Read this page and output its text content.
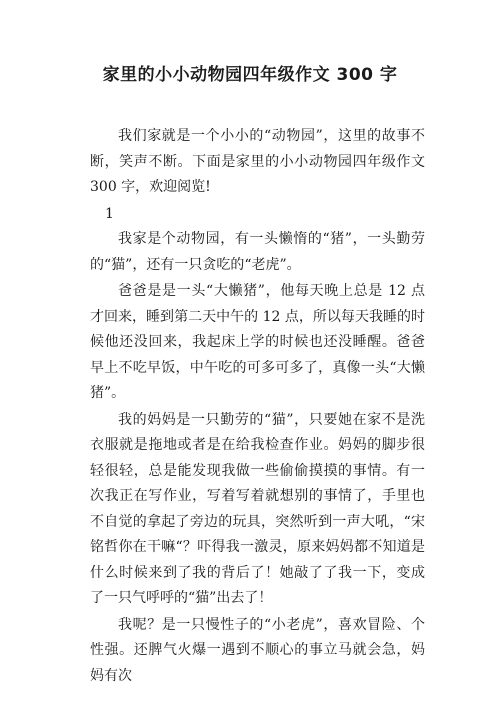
家里的小小动物园四年级作文 300 字

我们家就是一个小小的“动物园”，这里的故事不断，笑声不断。下面是家里的小小动物园四年级作文 300 字，欢迎阅览!

1

我家是个动物园，有一头懒惰的“猪”，一头勤劳的“猫”，还有一只贪吃的“老虎”。

爸爸是是一头“大懒猪”，他每天晚上总是 12 点才回来，睡到第二天中午的 12 点，所以每天我睡的时候他还没回来，我起床上学的时候也还没睡醒。爸爸早上不吃早饭，中午吃的可多可多了，真像一头“大懒猪”。

我的妈妈是一只勤劳的“猫”，只要她在家不是洗衣服就是拖地或者是在给我检查作业。妈妈的脚步很轻很轻，总是能发现我做一些偷偷摸摸的事情。有一次我正在写作业，写着写着就想别的事情了，手里也不自觉的拿起了旁边的玩具，突然听到一声大吼，“宋铭哲你在干嘛“？吓得我一激灵，原来妈妈都不知道是什么时候来到了我的背后了！她敲了了我一下，变成了一只气呼呼的“猫”出去了！

我呢？是一只慢性子的“小老虎”，喜欢冒险、个性强。还脾气火爆一遇到不顺心的事立马就会急，妈妈有次
